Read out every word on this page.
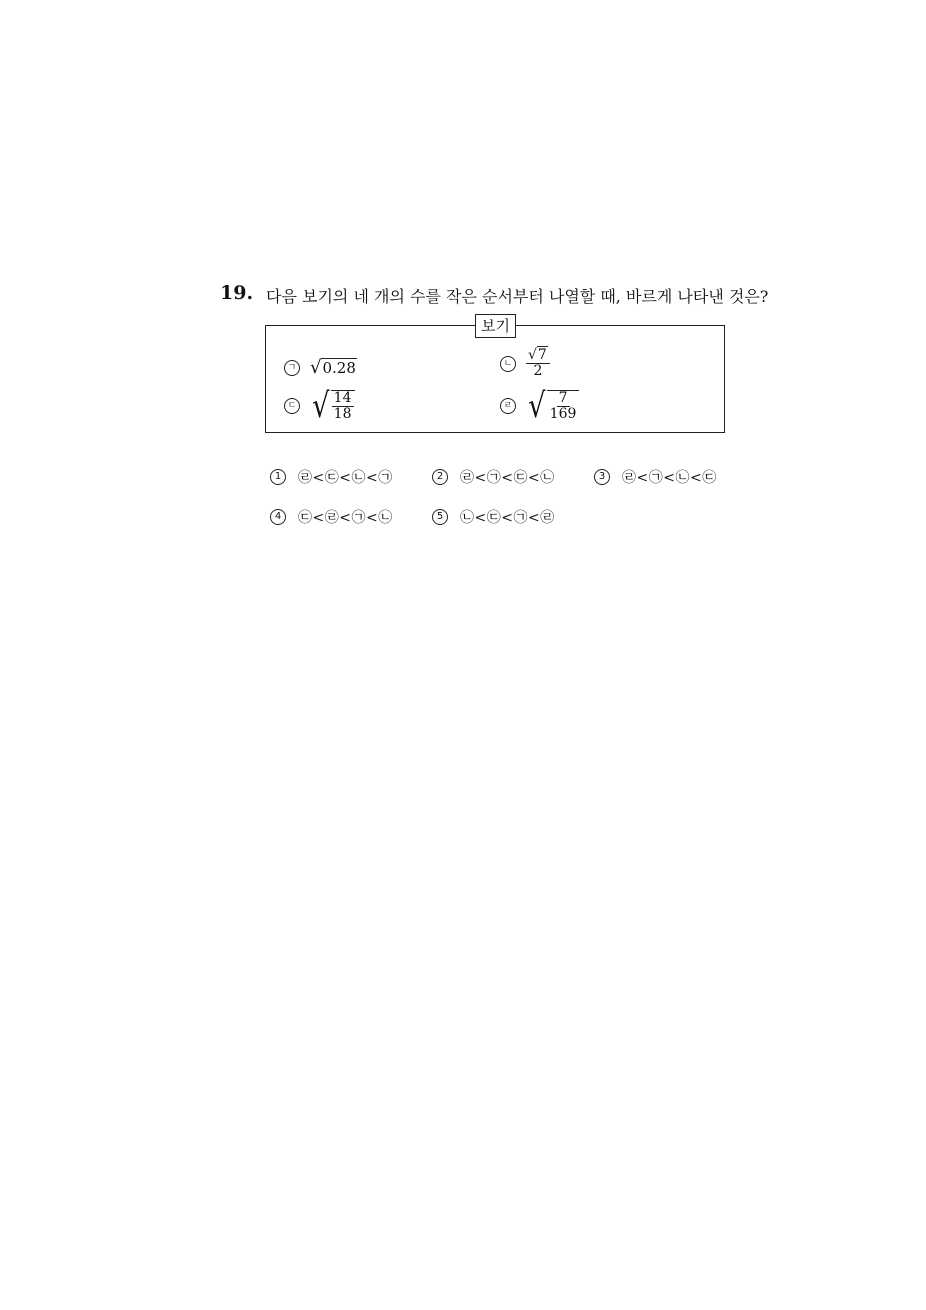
19. 다음 보기의 네 개의 수를 작은 순서부터 나열할 때, 바르게 나타낸 것은?
보기
ㄱ √ 0.28	ㄴ $\frac{√7}{2}$
ㄷ √ $\frac{14}{18}$	ㄹ √ $\frac{7}{169}$
1	㉣<㉢<㉡<㉠	2	㉣<㉠<㉢<㉡	3	㉣<㉠<㉡<㉢
4	㉢<㉣<㉠<㉡	5	㉡<㉢<㉠<㉣
